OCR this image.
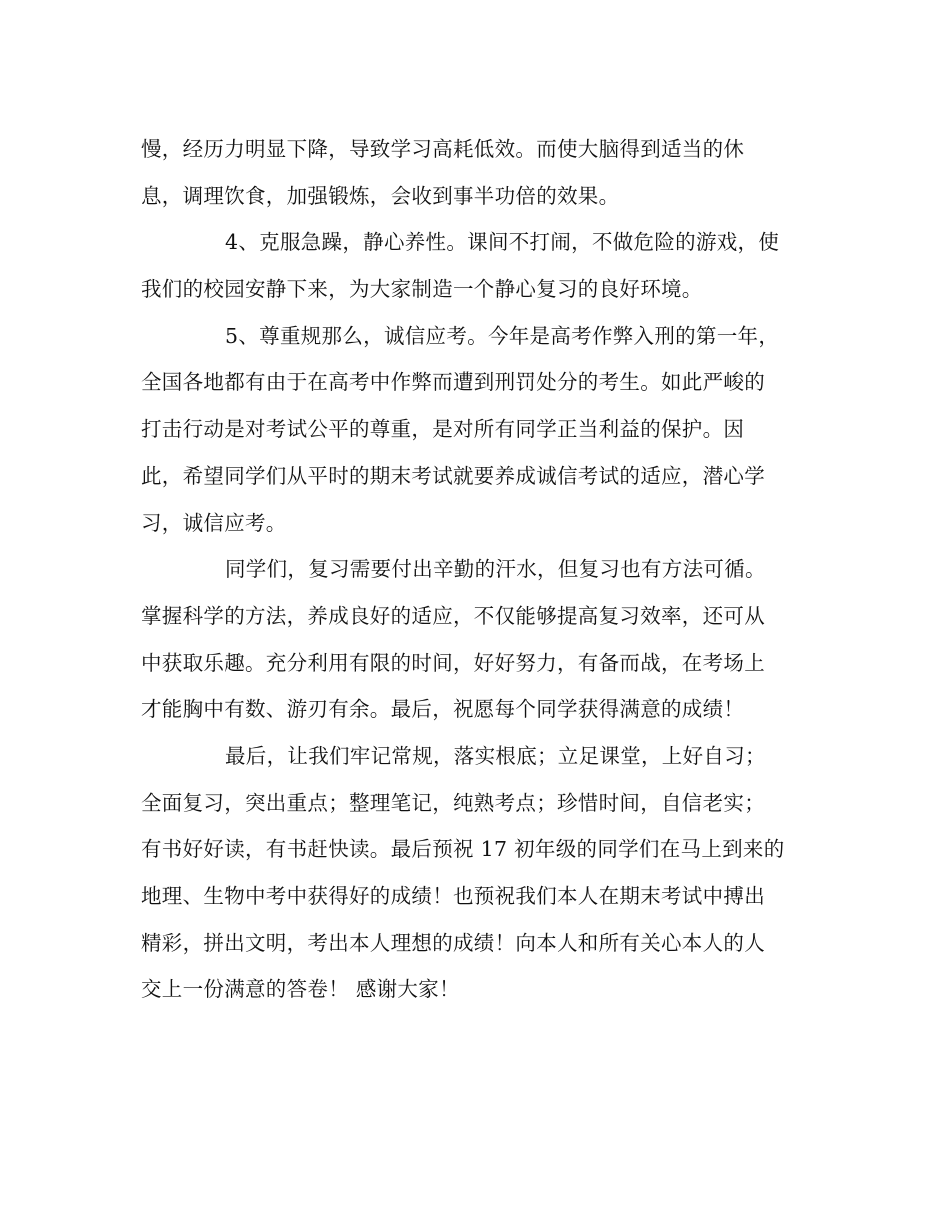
慢，经历力明显下降，导致学习高耗低效。而使大脑得到适当的休
息，调理饮食，加强锻炼，会收到事半功倍的效果。
4、克服急躁，静心养性。课间不打闹，不做危险的游戏，使
我们的校园安静下来，为大家制造一个静心复习的良好环境。
5、尊重规那么，诚信应考。今年是高考作弊入刑的第一年，
全国各地都有由于在高考中作弊而遭到刑罚处分的考生。如此严峻的
打击行动是对考试公平的尊重，是对所有同学正当利益的保护。因
此，希望同学们从平时的期末考试就要养成诚信考试的适应，潜心学
习，诚信应考。
同学们，复习需要付出辛勤的汗水，但复习也有方法可循。
掌握科学的方法，养成良好的适应，不仅能够提高复习效率，还可从
中获取乐趣。充分利用有限的时间，好好努力，有备而战，在考场上
才能胸中有数、游刃有余。最后，祝愿每个同学获得满意的成绩！
最后，让我们牢记常规，落实根底；立足课堂，上好自习；
全面复习，突出重点；整理笔记，纯熟考点；珍惜时间，自信老实；
有书好好读，有书赶快读。最后预祝 17 初年级的同学们在马上到来的
地理、生物中考中获得好的成绩！也预祝我们本人在期末考试中搏出
精彩，拼出文明，考出本人理想的成绩！向本人和所有关心本人的人
交上一份满意的答卷！ 感谢大家！
